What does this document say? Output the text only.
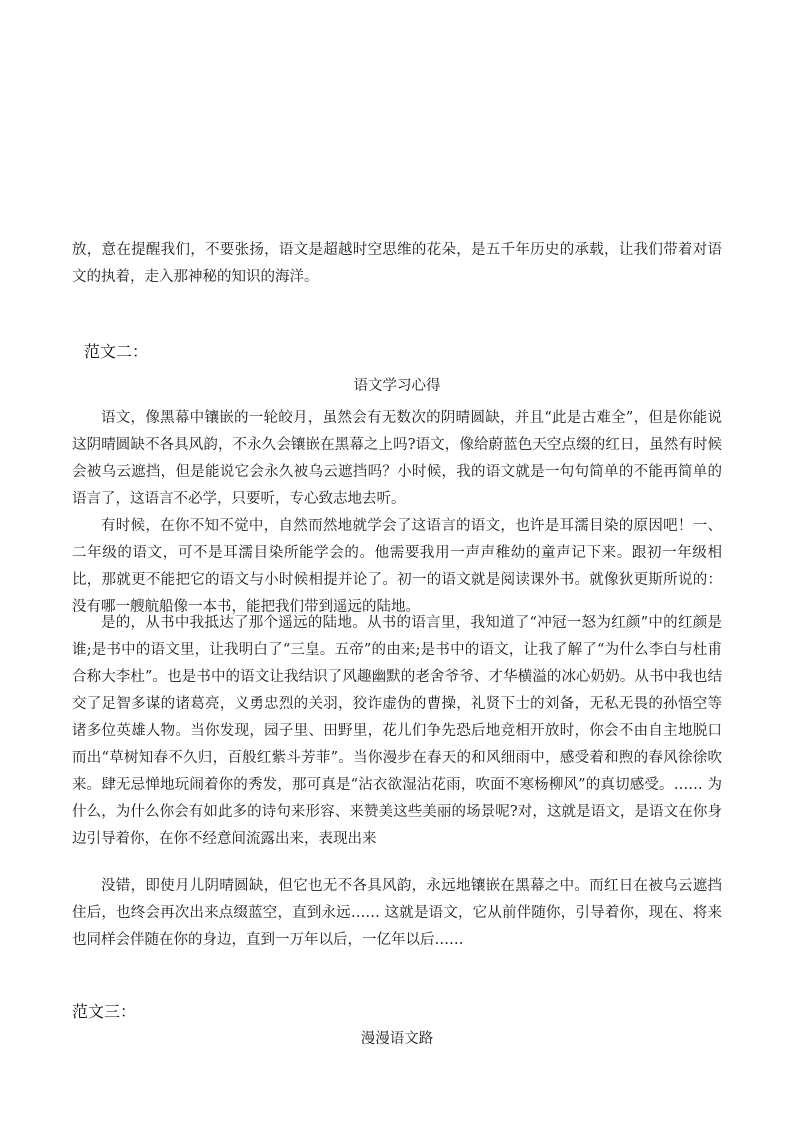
放，意在提醒我们，不要张扬，语文是超越时空思维的花朵，是五千年历史的承载，让我们带着对语文的执着，走入那神秘的知识的海洋。

范文二：

语文学习心得

语文，像黑幕中镶嵌的一轮皎月，虽然会有无数次的阴晴圆缺，并且“此是古难全”，但是你能说这阴晴圆缺不各具风韵，不永久会镶嵌在黑幕之上吗?语文，像给蔚蓝色天空点缀的红日，虽然有时候会被乌云遮挡，但是能说它会永久被乌云遮挡吗？小时候，我的语文就是一句句简单的不能再简单的语言了，这语言不必学，只要听，专心致志地去听。

有时候，在你不知不觉中，自然而然地就学会了这语言的语文，也许是耳濡目染的原因吧！一、二年级的语文，可不是耳濡目染所能学会的。他需要我用一声声稚幼的童声记下来。跟初一年级相比，那就更不能把它的语文与小时候相提并论了。初一的语文就是阅读课外书。就像狄更斯所说的：没有哪一艘航船像一本书，能把我们带到遥远的陆地。

是的，从书中我抵达了那个遥远的陆地。从书的语言里，我知道了“冲冠一怒为红颜”中的红颜是谁;是书中的语文里，让我明白了“三皇。五帝”的由来;是书中的语文，让我了解了“为什么李白与杜甫合称大李杜”。也是书中的语文让我结识了风趣幽默的老舍爷爷、才华横溢的冰心奶奶。从书中我也结交了足智多谋的诸葛亮，义勇忠烈的关羽，狡诈虚伪的曹操，礼贤下士的刘备，无私无畏的孙悟空等诸多位英雄人物。当你发现，园子里、田野里，花儿们争先恐后地竞相开放时，你会不由自主地脱口而出“草树知春不久归，百般红紫斗芳菲”。当你漫步在春天的和风细雨中，感受着和煦的春风徐徐吹来。肆无忌惮地玩闹着你的秀发，那可真是“沾衣欲湿沾花雨，吹面不寒杨柳风”的真切感受。…… 为什么，为什么你会有如此多的诗句来形容、来赞美这些美丽的场景呢?对，这就是语文，是语文在你身边引导着你，在你不经意间流露出来，表现出来

没错，即使月儿阴晴圆缺，但它也无不各具风韵，永远地镶嵌在黑幕之中。而红日在被乌云遮挡住后，也终会再次出来点缀蓝空，直到永远…… 这就是语文，它从前伴随你，引导着你，现在、将来也同样会伴随在你的身边，直到一万年以后，一亿年以后……

范文三：

漫漫语文路
